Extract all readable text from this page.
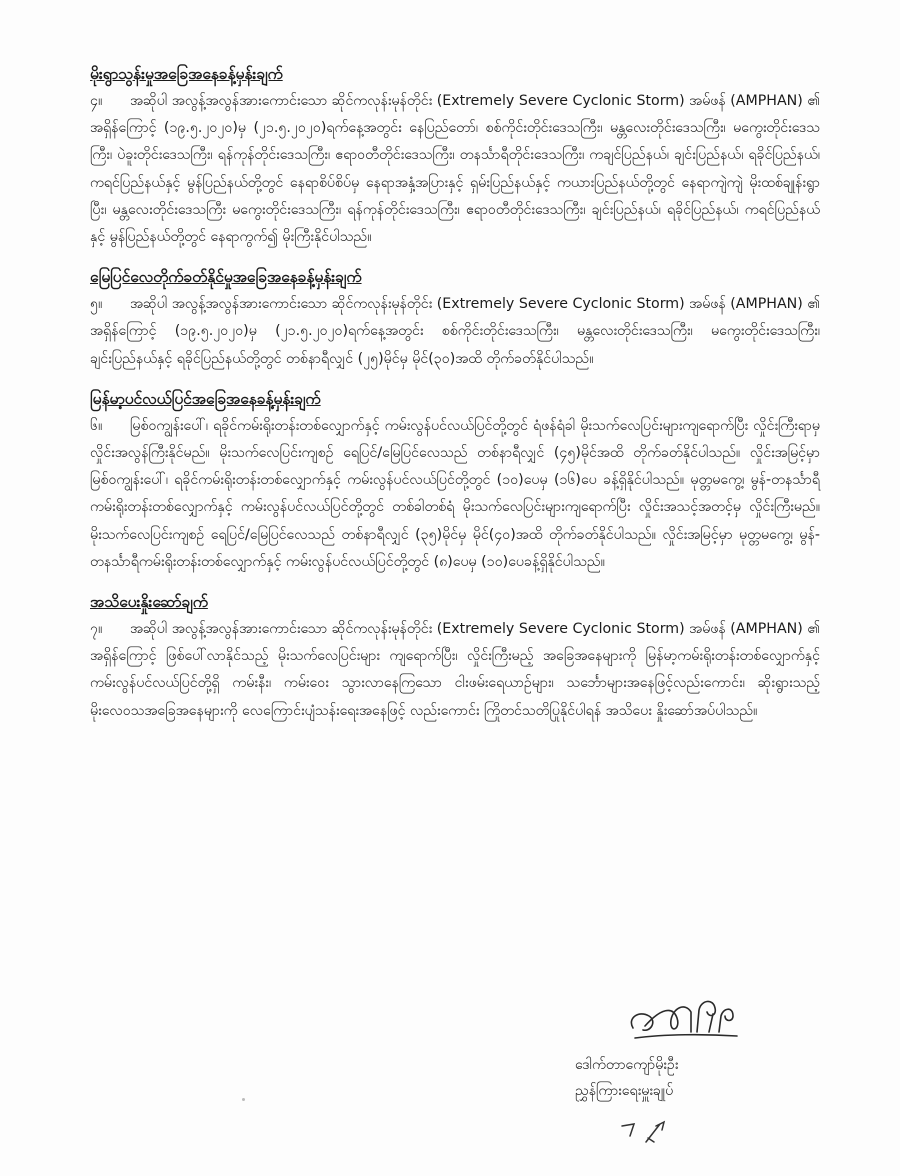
မိုးရွာသွန်းမှုအခြေအနေခန့်မှန်းချက်

၄။ အဆိုပါ အလွန့်အလွန်အားကောင်းသော ဆိုင်ကလုန်းမုန်တိုင်း (Extremely Severe Cyclonic Storm) အမ်ဖန် (AMPHAN) ၏ အရှိန်ကြောင့် (၁၉.၅.၂၀၂၀)မှ (၂၁.၅.၂၀၂၀)ရက်နေ့အတွင်း နေပြည်တော်၊ စစ်ကိုင်းတိုင်းဒေသကြီး၊ မန္တလေးတိုင်းဒေသကြီး၊ မကွေးတိုင်းဒေသကြီး၊ ပဲခူးတိုင်းဒေသကြီး၊ ရန်ကုန်တိုင်းဒေသကြီး၊ ဧရာဝတီတိုင်းဒေသကြီး၊ တနင်္သာရီတိုင်းဒေသကြီး၊ ကချင်ပြည်နယ်၊ ချင်းပြည်နယ်၊ ရခိုင်ပြည်နယ်၊ ကရင်ပြည်နယ်နှင့် မွန်ပြည်နယ်တို့တွင် နေရာစိပ်စိပ်မှ နေရာအနှံ့အပြားနှင့် ရှမ်းပြည်နယ်နှင့် ကယားပြည်နယ်တို့တွင် နေရာကျဲကျဲ မိုးထစ်ချုန်းရွာပြီး၊ မန္တလေးတိုင်းဒေသကြီး မကွေးတိုင်းဒေသကြီး၊ ရန်ကုန်တိုင်းဒေသကြီး၊ ဧရာဝတီတိုင်းဒေသကြီး၊ ချင်းပြည်နယ်၊ ရခိုင်ပြည်နယ်၊ ကရင်ပြည်နယ်နှင့် မွန်ပြည်နယ်တို့တွင် နေရာကွက်၍ မိုးကြီးနိုင်ပါသည်။

မြေပြင်လေတိုက်ခတ်နိုင်မှုအခြေအနေခန့်မှန်းချက်

၅။ အဆိုပါ အလွန့်အလွန်အားကောင်းသော ဆိုင်ကလုန်းမုန်တိုင်း (Extremely Severe Cyclonic Storm) အမ်ဖန် (AMPHAN) ၏ အရှိန်ကြောင့် (၁၉.၅.၂၀၂၀)မှ (၂၁.၅.၂၀၂၀)ရက်နေ့အတွင်း စစ်ကိုင်းတိုင်းဒေသကြီး၊ မန္တလေးတိုင်းဒေသကြီး၊ မကွေးတိုင်းဒေသကြီး၊ ချင်းပြည်နယ်နှင့် ရခိုင်ပြည်နယ်တို့တွင် တစ်နာရီလျှင် (၂၅)မိုင်မှ မိုင်(၃၀)အထိ တိုက်ခတ်နိုင်ပါသည်။

မြန်မာ့ပင်လယ်ပြင်အခြေအနေခန့်မှန်းချက်

၆။ မြစ်ဝကျွန်းပေါ်၊ ရခိုင်ကမ်းရိုးတန်းတစ်လျှောက်နှင့် ကမ်းလွန်ပင်လယ်ပြင်တို့တွင် ရံဖန်ရံခါ မိုးသက်လေပြင်းများကျရောက်ပြီး လှိုင်းကြီးရာမှ လှိုင်းအလွန်ကြီးနိုင်မည်။ မိုးသက်လေပြင်းကျစဉ် ရေပြင်/မြေပြင်လေသည် တစ်နာရီလျှင် (၄၅)မိုင်အထိ တိုက်ခတ်နိုင်ပါသည်။ လှိုင်းအမြင့်မှာ မြစ်ဝကျွန်းပေါ်၊ ရခိုင်ကမ်းရိုးတန်းတစ်လျှောက်နှင့် ကမ်းလွန်ပင်လယ်ပြင်တို့တွင် (၁၀)ပေမှ (၁၆)ပေ ခန့်ရှိနိုင်ပါသည်။ မုတ္တမကွေ့၊ မွန်-တနင်္သာရီကမ်းရိုးတန်းတစ်လျှောက်နှင့် ကမ်းလွန်ပင်လယ်ပြင်တို့တွင် တစ်ခါတစ်ရံ မိုးသက်လေပြင်းများကျရောက်ပြီး လှိုင်းအသင့်အတင့်မှ လှိုင်းကြီးမည်။ မိုးသက်လေပြင်းကျစဉ် ရေပြင်/မြေပြင်လေသည် တစ်နာရီလျှင် (၃၅)မိုင်မှ မိုင်(၄၀)အထိ တိုက်ခတ်နိုင်ပါသည်။ လှိုင်းအမြင့်မှာ မုတ္တမကွေ့၊ မွန်-တနင်္သာရီကမ်းရိုးတန်းတစ်လျှောက်နှင့် ကမ်းလွန်ပင်လယ်ပြင်တို့တွင် (၈)ပေမှ (၁၀)ပေခန့်ရှိနိုင်ပါသည်။

အသိပေးနှိုးဆော်ချက်

၇။ အဆိုပါ အလွန့်အလွန်အားကောင်းသော ဆိုင်ကလုန်းမုန်တိုင်း (Extremely Severe Cyclonic Storm) အမ်ဖန် (AMPHAN) ၏ အရှိန်ကြောင့် ဖြစ်ပေါ်လာနိုင်သည့် မိုးသက်လေပြင်းများ ကျရောက်ပြီး၊ လှိုင်းကြီးမည့် အခြေအနေများကို မြန်မာ့ကမ်းရိုးတန်းတစ်လျှောက်နှင့် ကမ်းလွန်ပင်လယ်ပြင်တို့ရှိ ကမ်းနီး၊ ကမ်းဝေး သွားလာနေကြသော ငါးဖမ်းရေယာဉ်များ၊ သင်္ဘောများအနေဖြင့်လည်းကောင်း၊ ဆိုးရွားသည့် မိုးလေဝသအခြေအနေများကို လေကြောင်းပျံသန်းရေးအနေဖြင့် လည်းကောင်း ကြိုတင်သတိပြုနိုင်ပါရန် အသိပေး နှိုးဆော်အပ်ပါသည်။

ဒေါက်တာကျော်မိုးဦး
ညွှန်ကြားရေးမှူးချုပ်
